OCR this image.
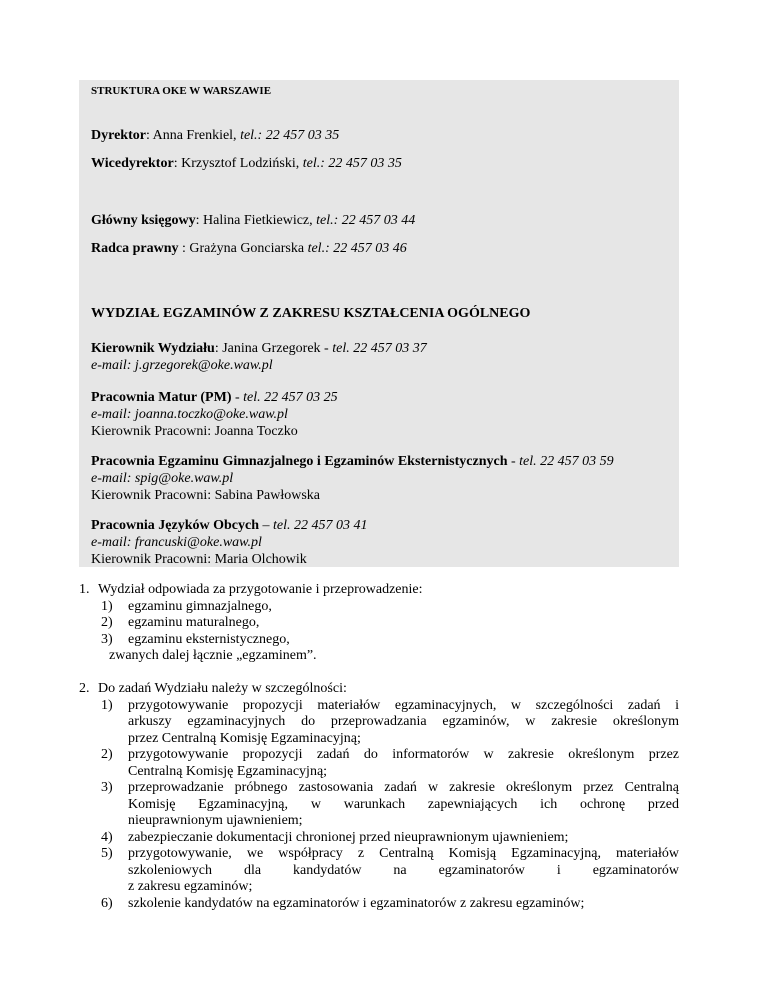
STRUKTURA OKE W WARSZAWIE
Dyrektor: Anna Frenkiel, tel.: 22 457 03 35
Wicedyrektor: Krzysztof Lodziński, tel.: 22 457 03 35
Główny księgowy: Halina Fietkiewicz, tel.: 22 457 03 44
Radca prawny : Grażyna Gonciarska tel.: 22 457 03 46
WYDZIAŁ EGZAMINÓW Z ZAKRESU KSZTAŁCENIA OGÓLNEGO
Kierownik Wydziału: Janina Grzegorek - tel. 22 457 03 37
e-mail: j.grzegorek@oke.waw.pl
Pracownia Matur (PM) - tel. 22 457 03 25
e-mail: joanna.toczko@oke.waw.pl
Kierownik Pracowni: Joanna Toczko
Pracownia Egzaminu Gimnazjalnego i Egzaminów Eksternistycznych - tel. 22 457 03 59
e-mail: spig@oke.waw.pl
Kierownik Pracowni: Sabina Pawłowska
Pracownia Języków Obcych – tel. 22 457 03 41
e-mail: francuski@oke.waw.pl
Kierownik Pracowni: Maria Olchowik
1. Wydział odpowiada za przygotowanie i przeprowadzenie:
1) egzaminu gimnazjalnego,
2) egzaminu maturalnego,
3) egzaminu eksternistycznego,
zwanych dalej łącznie „egzaminem”.
2. Do zadań Wydziału należy w szczególności:
1) przygotowywanie propozycji materiałów egzaminacyjnych, w szczególności zadań i
arkuszy egzaminacyjnych do przeprowadzania egzaminów, w zakresie określonym
przez Centralną Komisję Egzaminacyjną;
2) przygotowywanie propozycji zadań do informatorów w zakresie określonym przez
Centralną Komisję Egzaminacyjną;
3) przeprowadzanie próbnego zastosowania zadań w zakresie określonym przez Centralną
Komisję Egzaminacyjną, w warunkach zapewniających ich ochronę przed
nieuprawnionym ujawnieniem;
4) zabezpieczanie dokumentacji chronionej przed nieuprawnionym ujawnieniem;
5) przygotowywanie, we współpracy z Centralną Komisją Egzaminacyjną, materiałów
szkoleniowych dla kandydatów na egzaminatorów i egzaminatorów
z zakresu egzaminów;
6) szkolenie kandydatów na egzaminatorów i egzaminatorów z zakresu egzaminów;
